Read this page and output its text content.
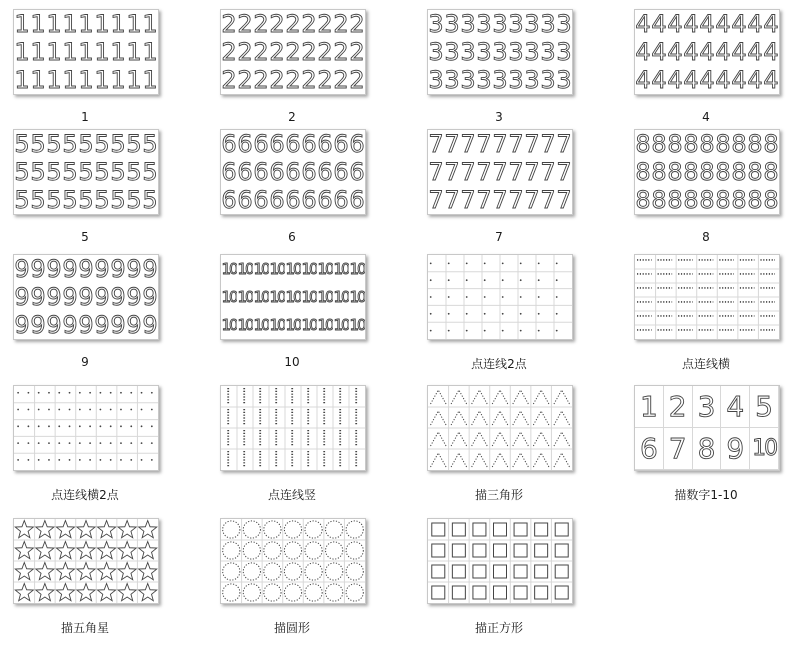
1 1 1 1 1 1 1 1 1
1 1 1 1 1 1 1 1 1
1 1 1 1 1 1 1 1 1
1
2 2 2 2 2 2 2 2 2
2 2 2 2 2 2 2 2 2
2 2 2 2 2 2 2 2 2
2
3 3 3 3 3 3 3 3 3
3 3 3 3 3 3 3 3 3
3 3 3 3 3 3 3 3 3
3
4 4 4 4 4 4 4 4 4
4 4 4 4 4 4 4 4 4
4 4 4 4 4 4 4 4 4
4
5 5 5 5 5 5 5 5 5
5 5 5 5 5 5 5 5 5
5 5 5 5 5 5 5 5 5
5
6 6 6 6 6 6 6 6 6
6 6 6 6 6 6 6 6 6
6 6 6 6 6 6 6 6 6
6
7 7 7 7 7 7 7 7 7
7 7 7 7 7 7 7 7 7
7 7 7 7 7 7 7 7 7
7
8 8 8 8 8 8 8 8 8
8 8 8 8 8 8 8 8 8
8 8 8 8 8 8 8 8 8
8
9 9 9 9 9 9 9 9 9
9 9 9 9 9 9 9 9 9
9 9 9 9 9 9 9 9 9
9
10 10 10 10 10 10 10 10 10
10 10 10 10 10 10 10 10 10
10 10 10 10 10 10 10 10 10
10	点连线2点	点连线横
点连线横2点	点连线竖	描三角形
1 2 3 4 5
6 7 8 9 10
描数字1-10
描五角星	描圆形	描正方形
